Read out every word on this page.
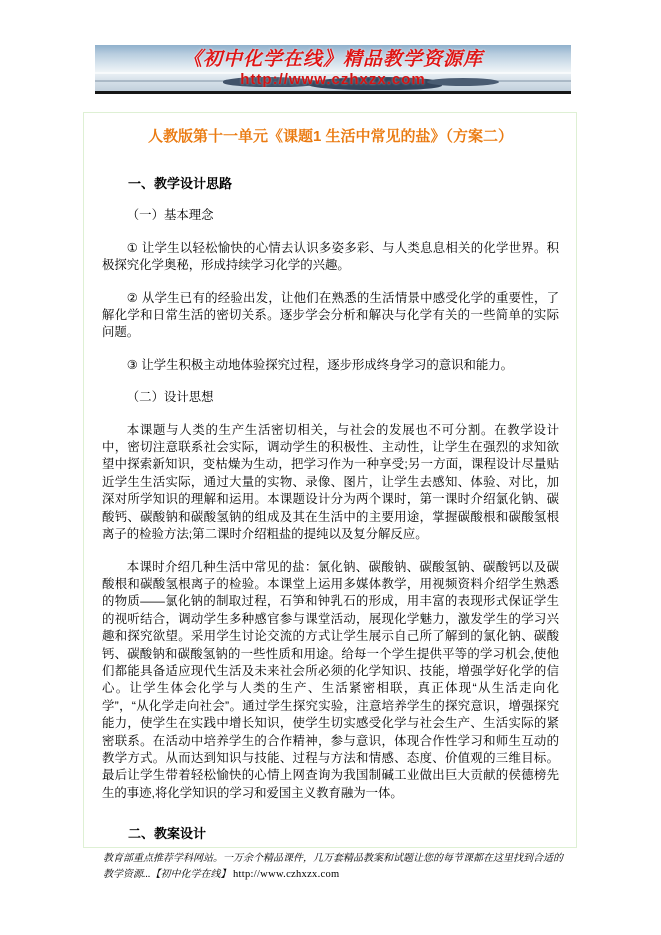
《初中化学在线》精品教学资源库
http://www.czhxzx.com
人教版第十一单元《课题1 生活中常见的盐》（方案二）
一、教学设计思路
（一）基本理念

① 让学生以轻松愉快的心情去认识多姿多彩、与人类息息相关的化学世界。积极探究化学奥秘，形成持续学习化学的兴趣。

② 从学生已有的经验出发，让他们在熟悉的生活情景中感受化学的重要性，了解化学和日常生活的密切关系。逐步学会分析和解决与化学有关的一些简单的实际问题。

③ 让学生积极主动地体验探究过程，逐步形成终身学习的意识和能力。

（二）设计思想

本课题与人类的生产生活密切相关，与社会的发展也不可分割。在教学设计中，密切注意联系社会实际，调动学生的积极性、主动性，让学生在强烈的求知欲望中探索新知识，变枯燥为生动，把学习作为一种享受;另一方面，课程设计尽量贴近学生生活实际，通过大量的实物、录像、图片，让学生去感知、体验、对比，加深对所学知识的理解和运用。本课题设计分为两个课时，第一课时介绍氯化钠、碳酸钙、碳酸钠和碳酸氢钠的组成及其在生活中的主要用途，掌握碳酸根和碳酸氢根离子的检验方法;第二课时介绍粗盐的提纯以及复分解反应。

本课时介绍几种生活中常见的盐：氯化钠、碳酸钠、碳酸氢钠、碳酸钙以及碳酸根和碳酸氢根离子的检验。本课堂上运用多媒体教学，用视频资料介绍学生熟悉的物质——氯化钠的制取过程，石笋和钟乳石的形成，用丰富的表现形式保证学生的视听结合，调动学生多种感官参与课堂活动，展现化学魅力，激发学生的学习兴趣和探究欲望。采用学生讨论交流的方式让学生展示自己所了解到的氯化钠、碳酸钙、碳酸钠和碳酸氢钠的一些性质和用途。给每一个学生提供平等的学习机会,使他们都能具备适应现代生活及未来社会所必须的化学知识、技能，增强学好化学的信心。让学生体会化学与人类的生产、生活紧密相联，真正体现“从生活走向化学”，“从化学走向社会”。通过学生探究实验，注意培养学生的探究意识，增强探究能力，使学生在实践中增长知识，使学生切实感受化学与社会生产、生活实际的紧密联系。在活动中培养学生的合作精神，参与意识，体现合作性学习和师生互动的教学方式。从而达到知识与技能、过程与方法和情感、态度、价值观的三维目标。最后让学生带着轻松愉快的心情上网查询为我国制碱工业做出巨大贡献的侯德榜先生的事迹,将化学知识的学习和爱国主义教育融为一体。

二、教案设计
教育部重点推荐学科网站。一万余个精品课件，几万套精品教案和试题让您的每节课都在这里找到合适的
教学资源...【初中化学在线】 http://www.czhxzx.com
